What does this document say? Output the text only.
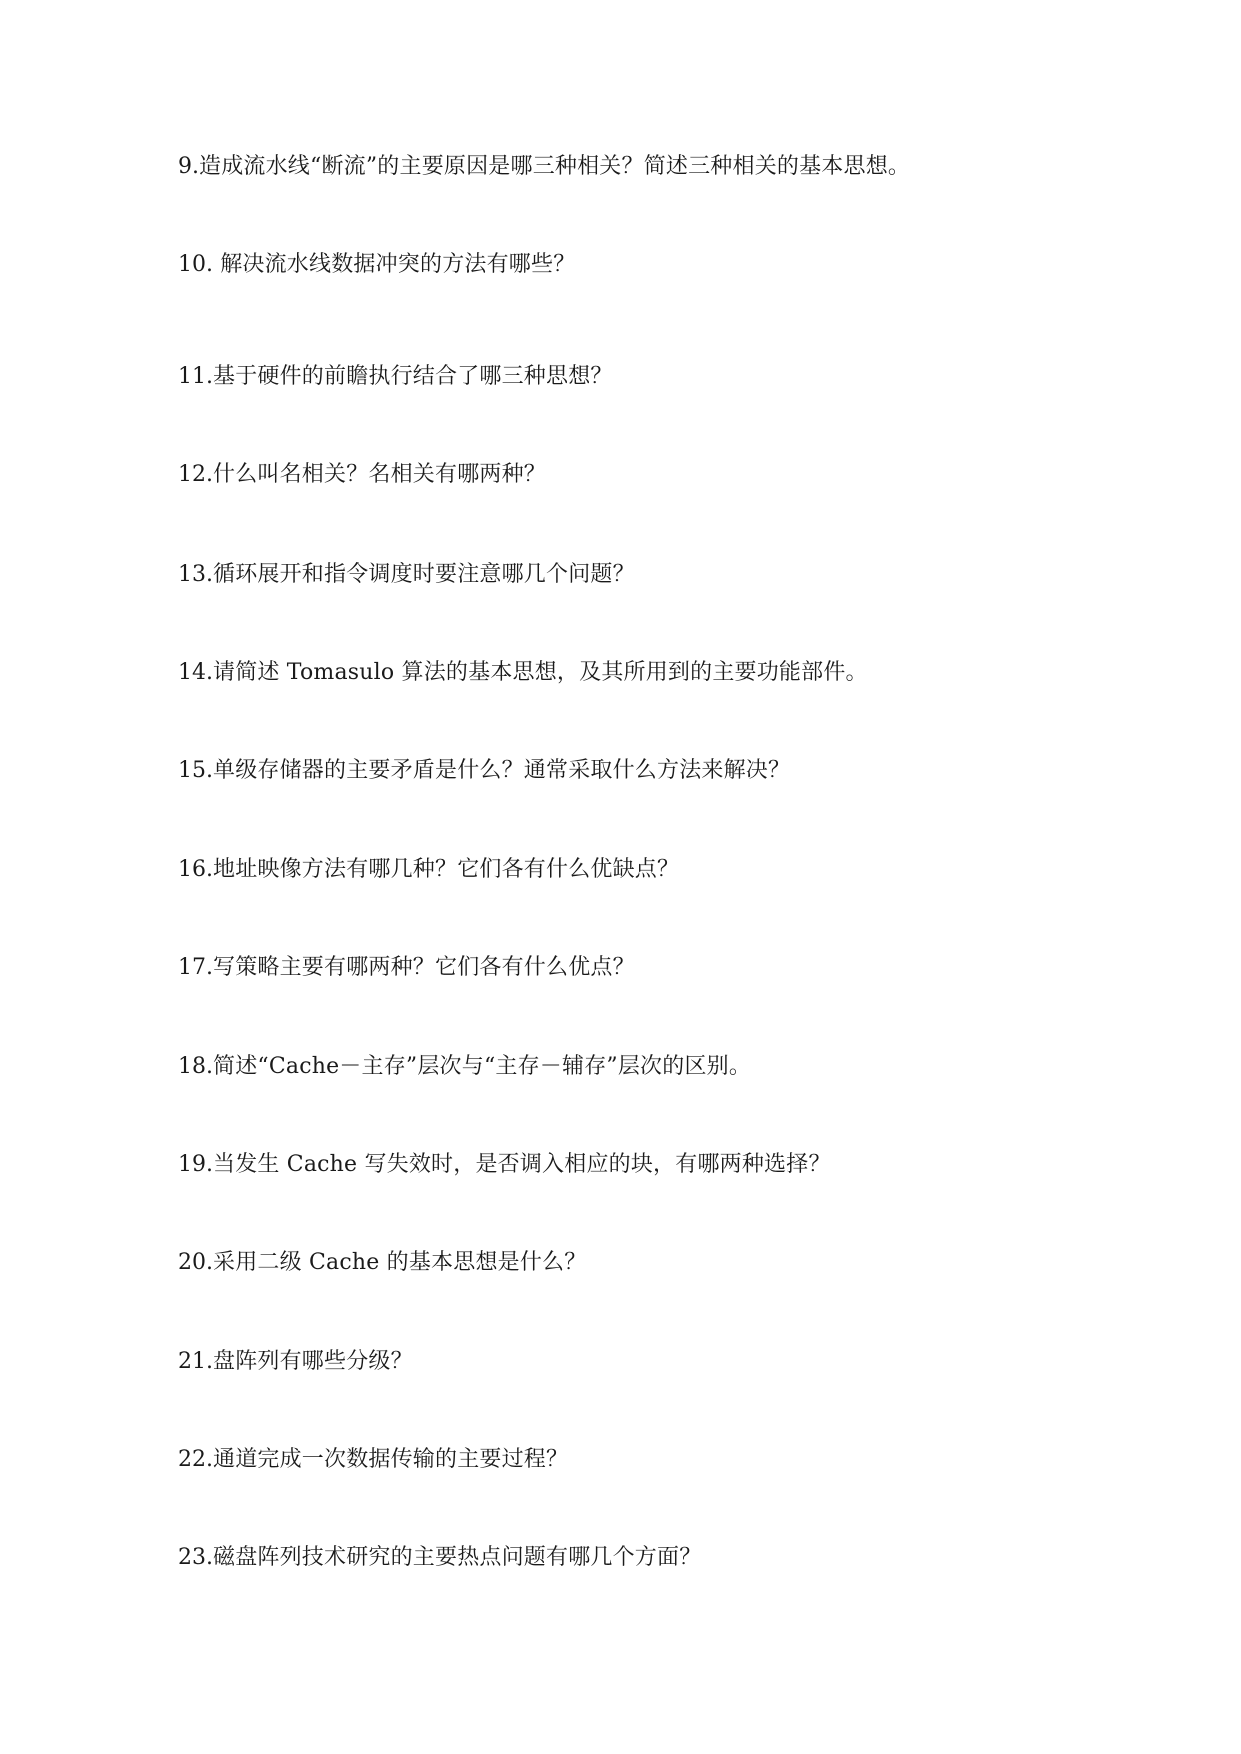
9.造成流水线“断流”的主要原因是哪三种相关？简述三种相关的基本思想。

10. 解决流水线数据冲突的方法有哪些？

11.基于硬件的前瞻执行结合了哪三种思想？

12.什么叫名相关？名相关有哪两种？

13.循环展开和指令调度时要注意哪几个问题？

14.请简述 Tomasulo 算法的基本思想，及其所用到的主要功能部件。

15.单级存储器的主要矛盾是什么？通常采取什么方法来解决？

16.地址映像方法有哪几种？它们各有什么优缺点？

17.写策略主要有哪两种？它们各有什么优点？

18.简述“Cache－主存”层次与“主存－辅存”层次的区别。

19.当发生 Cache 写失效时，是否调入相应的块，有哪两种选择？

20.采用二级 Cache 的基本思想是什么？

21.盘阵列有哪些分级？

22.通道完成一次数据传输的主要过程？

23.磁盘阵列技术研究的主要热点问题有哪几个方面？
